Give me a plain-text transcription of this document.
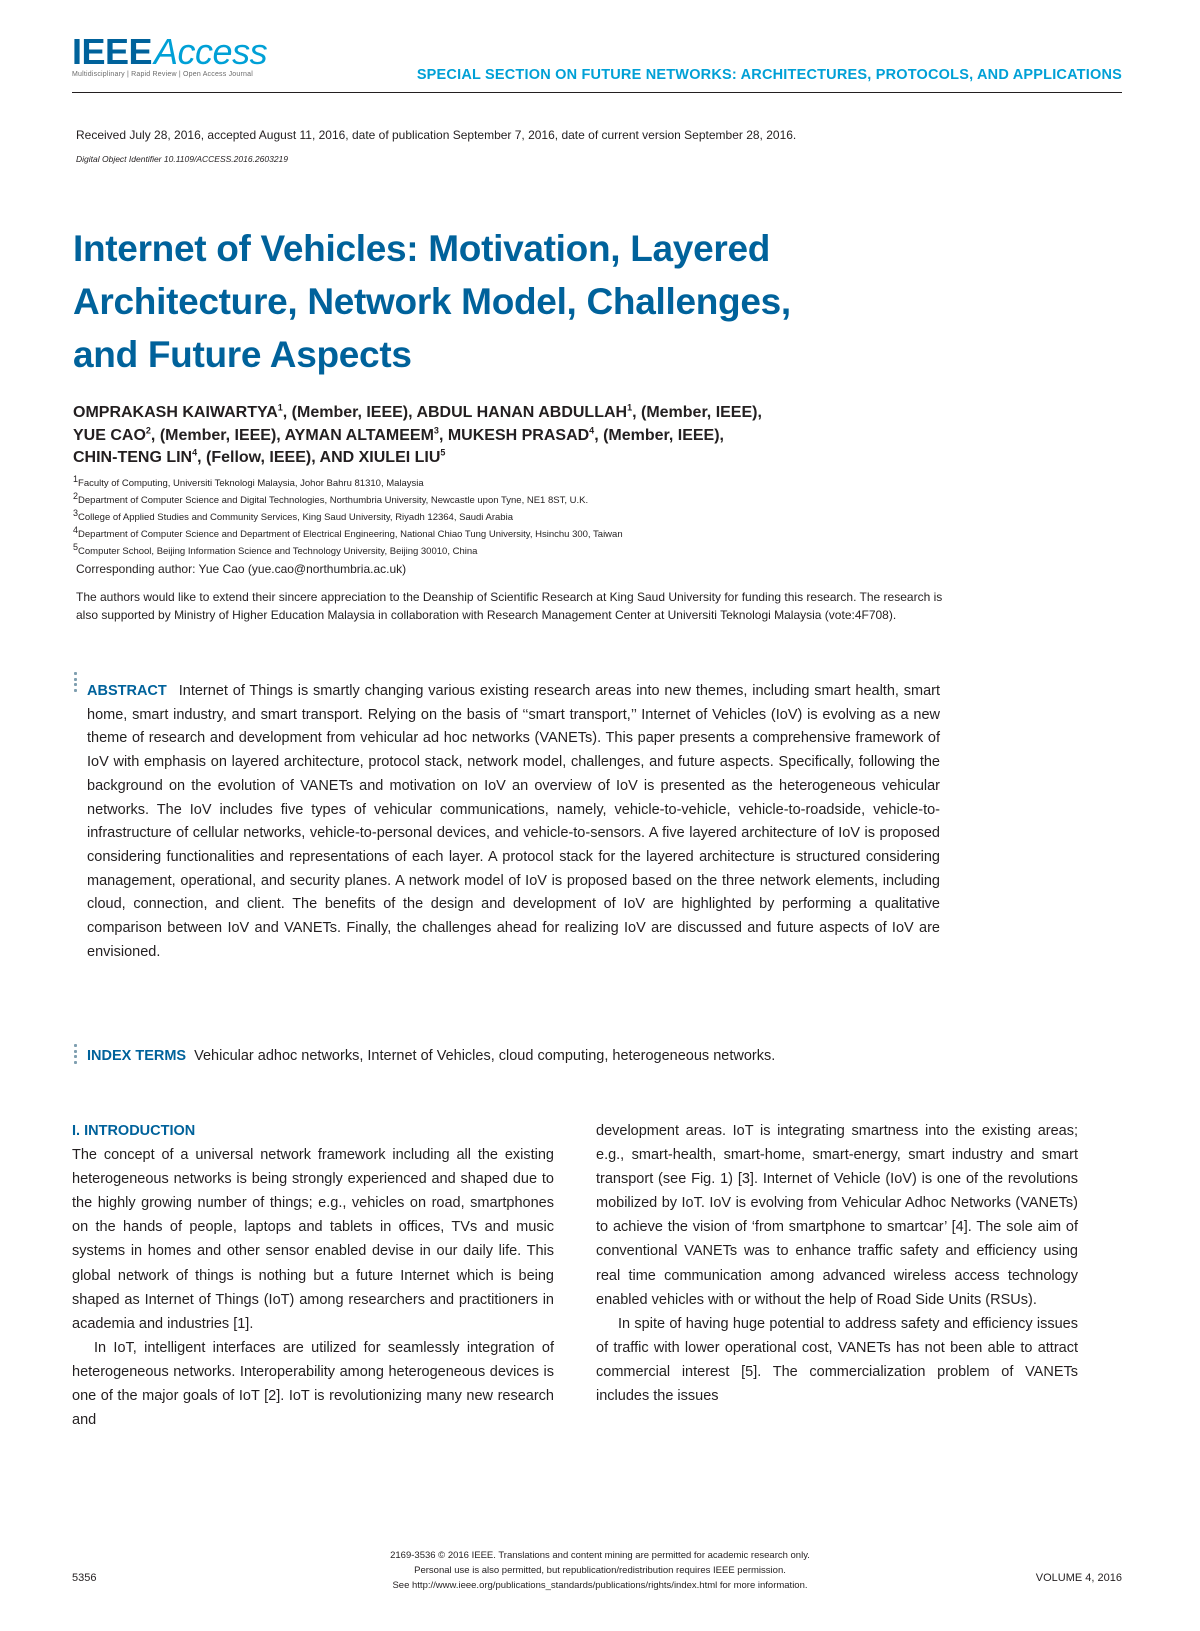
IEEEAccess
Multidisciplinary | Rapid Review | Open Access Journal	SPECIAL SECTION ON FUTURE NETWORKS: ARCHITECTURES, PROTOCOLS, AND APPLICATIONS
Received July 28, 2016, accepted August 11, 2016, date of publication September 7, 2016, date of current version September 28, 2016.
Digital Object Identifier 10.1109/ACCESS.2016.2603219
Internet of Vehicles: Motivation, Layered
Architecture, Network Model, Challenges,
and Future Aspects
OMPRAKASH KAIWARTYA$^1$, (Member, IEEE), ABDUL HANAN ABDULLAH$^1$, (Member, IEEE),
YUE CAO$^2$, (Member, IEEE), AYMAN ALTAMEEM$^3$, MUKESH PRASAD$^4$, (Member, IEEE),
CHIN-TENG LIN$^4$, (Fellow, IEEE), AND XIULEI LIU$^5$
$^1$Faculty of Computing, Universiti Teknologi Malaysia, Johor Bahru 81310, Malaysia
$^2$Department of Computer Science and Digital Technologies, Northumbria University, Newcastle upon Tyne, NE1 8ST, U.K.
$^3$College of Applied Studies and Community Services, King Saud University, Riyadh 12364, Saudi Arabia
$^4$Department of Computer Science and Department of Electrical Engineering, National Chiao Tung University, Hsinchu 300, Taiwan
$^5$Computer School, Beijing Information Science and Technology University, Beijing 30010, China
Corresponding author: Yue Cao (yue.cao@northumbria.ac.uk)
The authors would like to extend their sincere appreciation to the Deanship of Scientific Research at King Saud University for funding this research. The research is also supported by Ministry of Higher Education Malaysia in collaboration with Research Management Center at Universiti Teknologi Malaysia (vote:4F708).
ABSTRACT Internet of Things is smartly changing various existing research areas into new themes, including smart health, smart home, smart industry, and smart transport. Relying on the basis of ‘‘smart transport,’’ Internet of Vehicles (IoV) is evolving as a new theme of research and development from vehicular ad hoc networks (VANETs). This paper presents a comprehensive framework of IoV with emphasis on layered architecture, protocol stack, network model, challenges, and future aspects. Specifically, following the background on the evolution of VANETs and motivation on IoV an overview of IoV is presented as the heterogeneous vehicular networks. The IoV includes five types of vehicular communications, namely, vehicle-to-vehicle, vehicle-to-roadside, vehicle-to-infrastructure of cellular networks, vehicle-to-personal devices, and vehicle-to-sensors. A five layered architecture of IoV is proposed considering functionalities and representations of each layer. A protocol stack for the layered architecture is structured considering management, operational, and security planes. A network model of IoV is proposed based on the three network elements, including cloud, connection, and client. The benefits of the design and development of IoV are highlighted by performing a qualitative comparison between IoV and VANETs. Finally, the challenges ahead for realizing IoV are discussed and future aspects of IoV are envisioned.
INDEX TERMS Vehicular adhoc networks, Internet of Vehicles, cloud computing, heterogeneous networks.
I. INTRODUCTION

The concept of a universal network framework including all the existing heterogeneous networks is being strongly experienced and shaped due to the highly growing number of things; e.g., vehicles on road, smartphones on the hands of people, laptops and tablets in offices, TVs and music systems in homes and other sensor enabled devise in our daily life. This global network of things is nothing but a future Internet which is being shaped as Internet of Things (IoT) among researchers and practitioners in academia and industries [1].

In IoT, intelligent interfaces are utilized for seamlessly integration of heterogeneous networks. Interoperability among heterogeneous devices is one of the major goals of IoT [2]. IoT is revolutionizing many new research and

development areas. IoT is integrating smartness into the existing areas; e.g., smart-health, smart-home, smart-energy, smart industry and smart transport (see Fig. 1) [3]. Internet of Vehicle (IoV) is one of the revolutions mobilized by IoT. IoV is evolving from Vehicular Adhoc Networks (VANETs) to achieve the vision of ‘from smartphone to smartcar’ [4]. The sole aim of conventional VANETs was to enhance traffic safety and efficiency using real time communication among advanced wireless access technology enabled vehicles with or without the help of Road Side Units (RSUs).

In spite of having huge potential to address safety and efficiency issues of traffic with lower operational cost, VANETs has not been able to attract commercial interest [5]. The commercialization problem of VANETs includes the issues

5356
2169-3536 © 2016 IEEE. Translations and content mining are permitted for academic research only.
Personal use is also permitted, but republication/redistribution requires IEEE permission.
See http://www.ieee.org/publications_standards/publications/rights/index.html for more information.
VOLUME 4, 2016
